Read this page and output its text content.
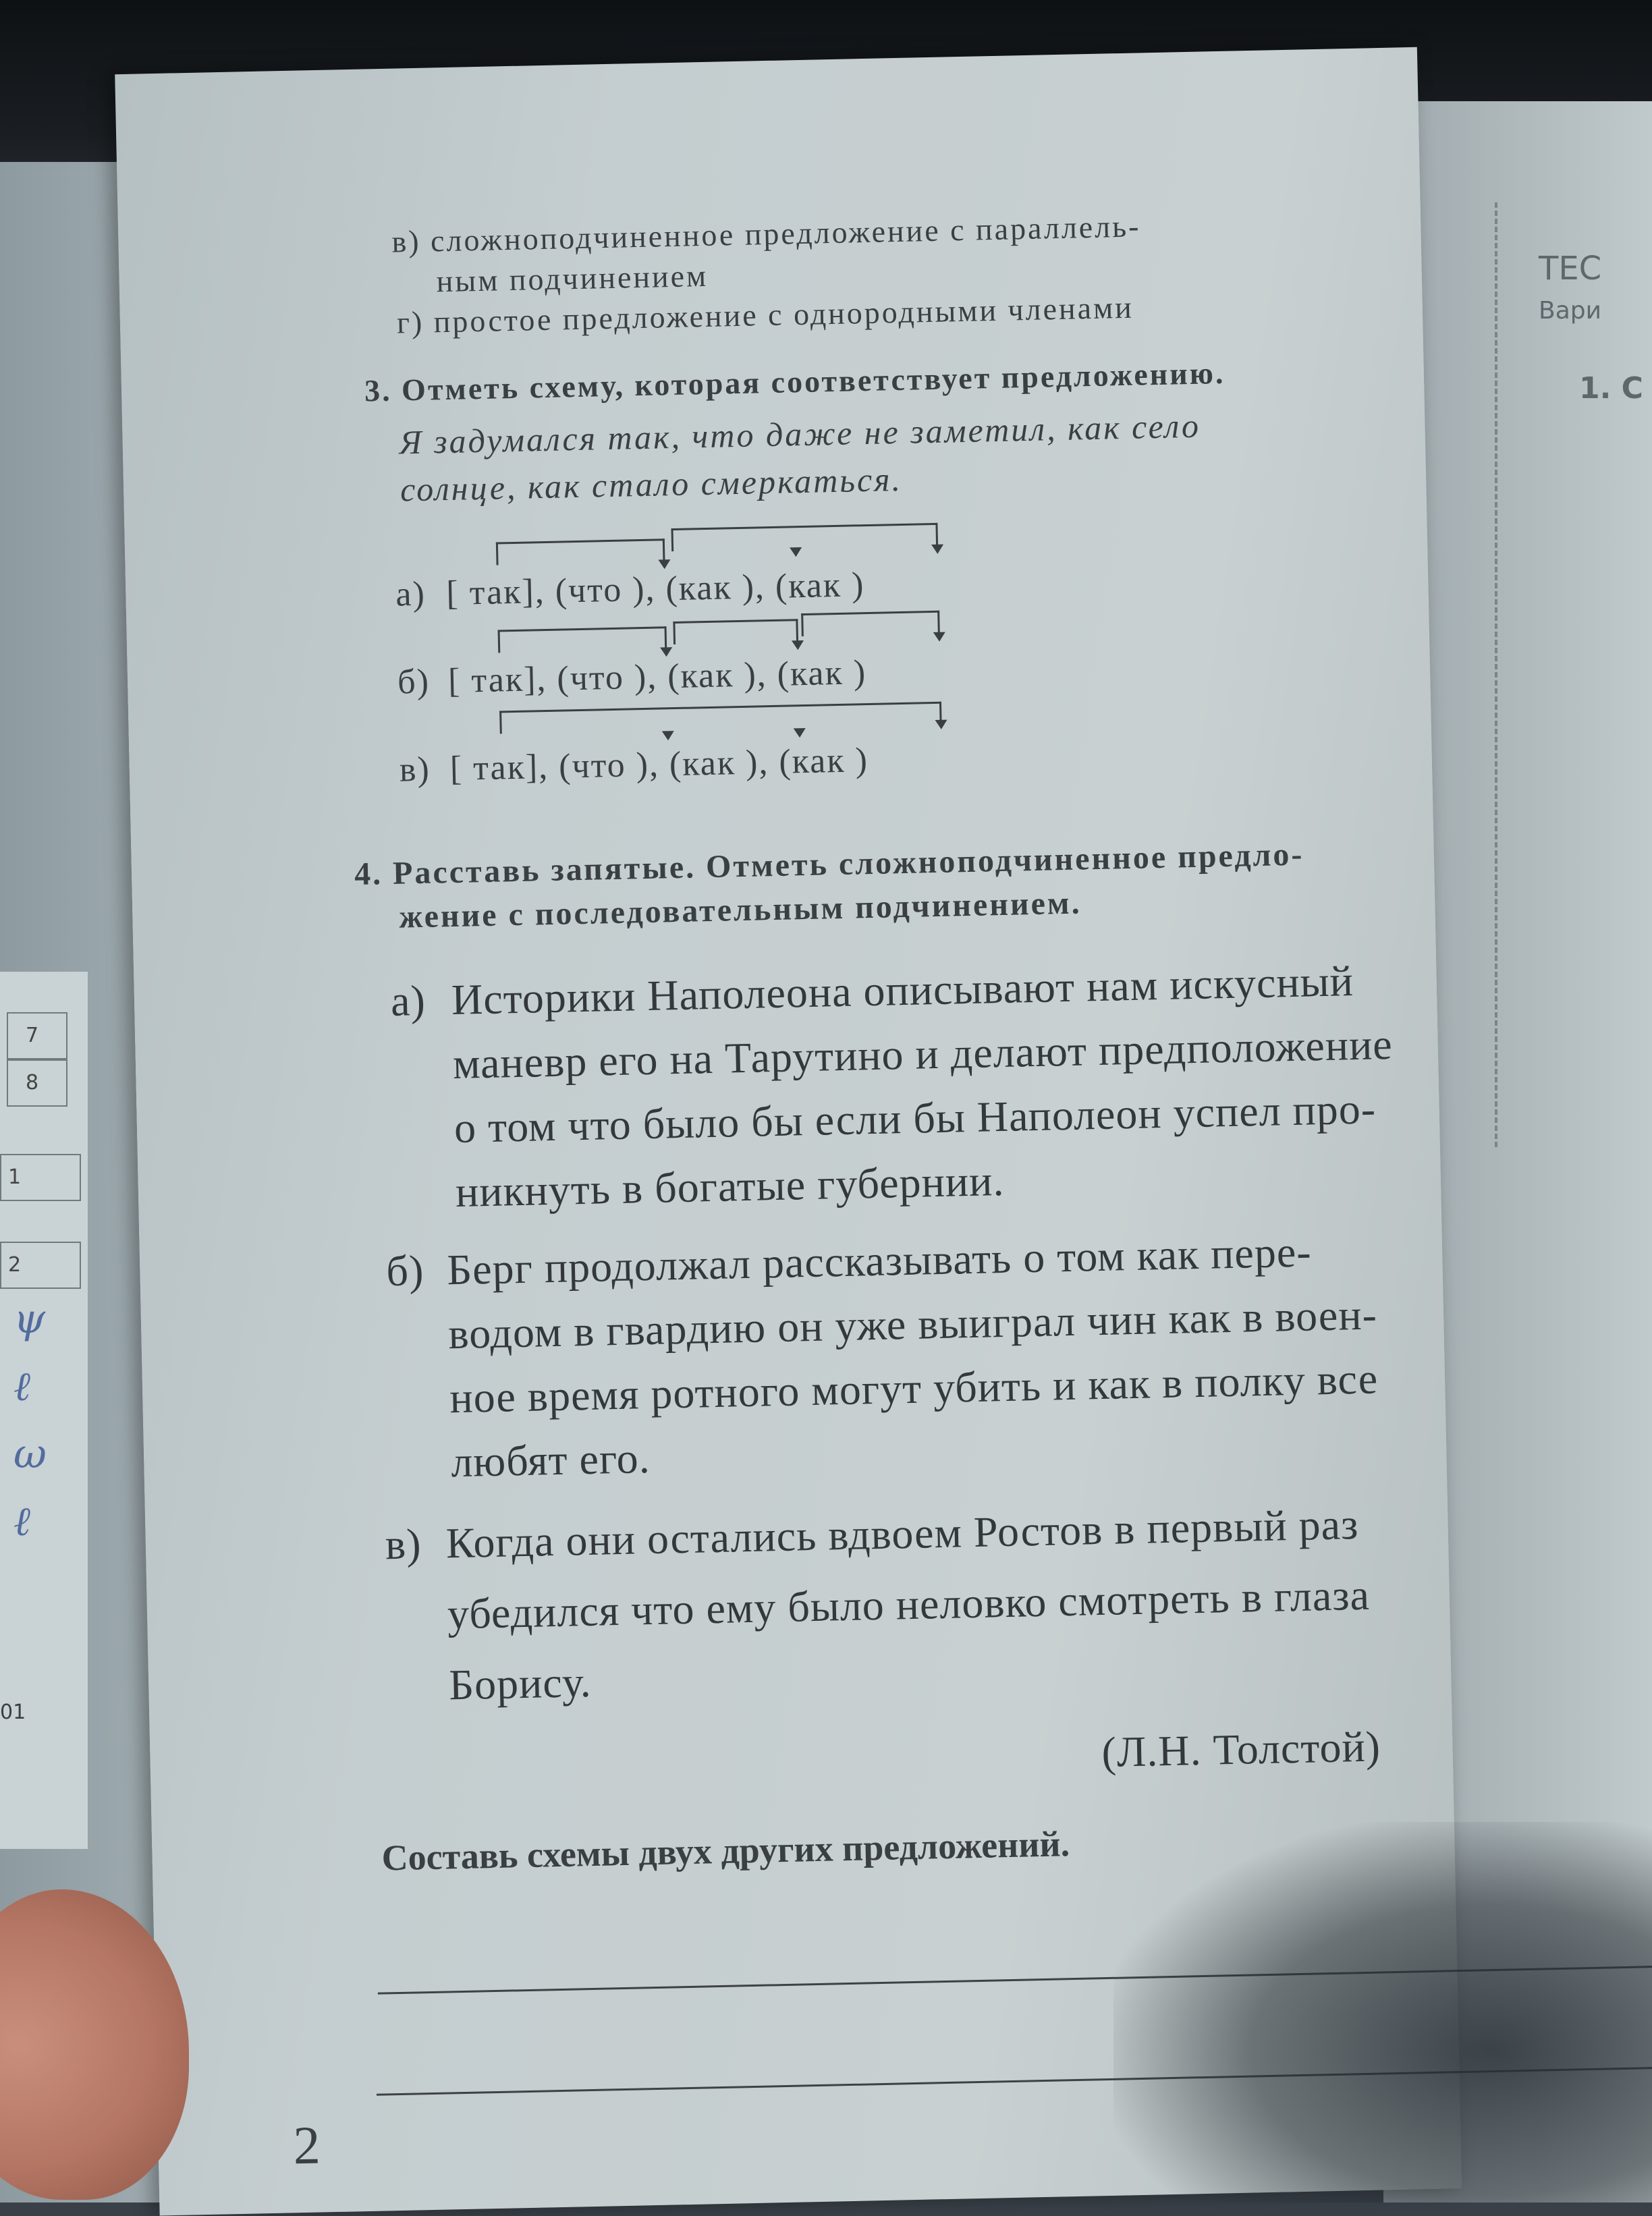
7
8
1
2
ψ
ℓ
ω
ℓ
01
TEC
Вари
1. С
в) сложноподчиненное предложение с параллель-
ным подчинением
г) простое предложение с однородными членами
3. Отметь схему, которая соответствует предложению.
Я задумался так, что даже не заметил, как село
солнце, как стало смеркаться.
а) [ так], (что ), (как ), (как )
б) [ так], (что ), (как ), (как )
в) [ так], (что ), (как ), (как )
4. Расставь запятые. Отметь сложноподчиненное предло-
жение с последовательным подчинением.
а) Историки Наполеона описывают нам искусный
маневр его на Тарутино и делают предположение
о том что было бы если бы Наполеон успел про-
никнуть в богатые губернии.
б) Берг продолжал рассказывать о том как пере-
водом в гвардию он уже выиграл чин как в воен-
ное время ротного могут убить и как в полку все
любят его.
в) Когда они остались вдвоем Ростов в первый раз
убедился что ему было неловко смотреть в глаза
Борису.
(Л.Н. Толстой)
Составь схемы двух других предложений.
2
